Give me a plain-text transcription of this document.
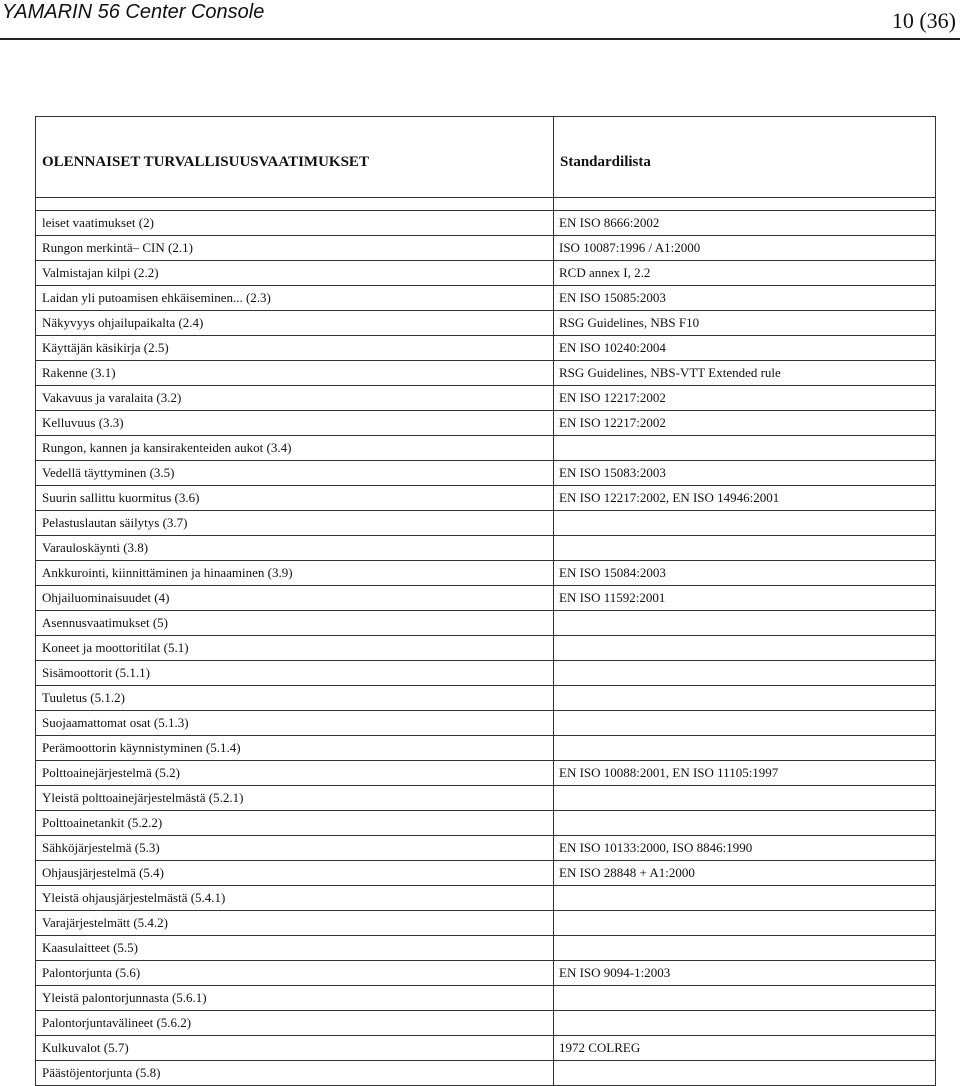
YAMARIN 56 Center Console	10 (36)
OLENNAISET TURVALLISUUSVAATIMUKSET	Standardilista

leiset vaatimukset (2)	EN ISO 8666:2002
Rungon merkintä– CIN (2.1)	ISO 10087:1996 / A1:2000
Valmistajan kilpi (2.2)	RCD annex I, 2.2
Laidan yli putoamisen ehkäiseminen... (2.3)	EN ISO 15085:2003
Näkyvyys ohjailupaikalta (2.4)	RSG Guidelines, NBS F10
Käyttäjän käsikirja (2.5)	EN ISO 10240:2004
Rakenne (3.1)	RSG Guidelines, NBS-VTT Extended rule
Vakavuus ja varalaita (3.2)	EN ISO 12217:2002
Kelluvuus (3.3)	EN ISO 12217:2002
Rungon, kannen ja kansirakenteiden aukot (3.4)	
Vedellä täyttyminen (3.5)	EN ISO 15083:2003
Suurin sallittu kuormitus (3.6)	EN ISO 12217:2002, EN ISO 14946:2001
Pelastuslautan säilytys (3.7)	
Varauloskäynti (3.8)	
Ankkurointi, kiinnittäminen ja hinaaminen (3.9)	EN ISO 15084:2003
Ohjailuominaisuudet (4)	EN ISO 11592:2001
Asennusvaatimukset (5)	
Koneet ja moottoritilat (5.1)	
Sisämoottorit (5.1.1)	
Tuuletus (5.1.2)	
Suojaamattomat osat (5.1.3)	
Perämoottorin käynnistyminen (5.1.4)	
Polttoainejärjestelmä (5.2)	EN ISO 10088:2001, EN ISO 11105:1997
Yleistä polttoainejärjestelmästä (5.2.1)	
Polttoainetankit (5.2.2)	
Sähköjärjestelmä (5.3)	EN ISO 10133:2000, ISO 8846:1990
Ohjausjärjestelmä (5.4)	EN ISO 28848 + A1:2000
Yleistä ohjausjärjestelmästä (5.4.1)	
Varajärjestelmätt (5.4.2)	
Kaasulaitteet (5.5)	
Palontorjunta (5.6)	EN ISO 9094-1:2003
Yleistä palontorjunnasta (5.6.1)	
Palontorjuntavälineet (5.6.2)	
Kulkuvalot (5.7)	1972 COLREG
Päästöjentorjunta (5.8)	
